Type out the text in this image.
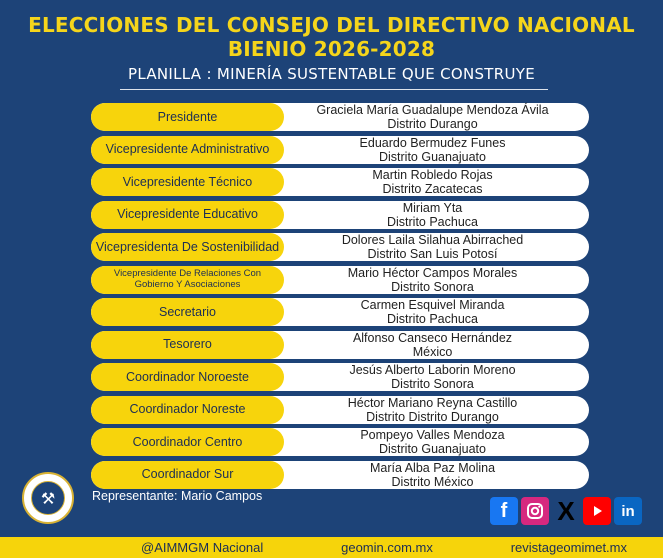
ELECCIONES DEL CONSEJO DEL DIRECTIVO NACIONAL
BIENIO 2026-2028
PLANILLA : MINERÍA SUSTENTABLE QUE CONSTRUYE
Presidente	Graciela María Guadalupe Mendoza Ávila
Distrito Durango
Vicepresidente Administrativo	Eduardo Bermudez Funes
Distrito Guanajuato
Vicepresidente Técnico	Martin Robledo Rojas
Distrito Zacatecas
Vicepresidente Educativo	Miriam Yta
Distrito Pachuca
Vicepresidenta De Sostenibilidad	Dolores Laila Silahua Abirrached
Distrito San Luis Potosí
Vicepresidente De Relaciones Con Gobierno Y Asociaciones
Mario Héctor Campos Morales
Distrito Sonora
Secretario	Carmen Esquivel Miranda
Distrito Pachuca
Tesorero	Alfonso Canseco Hernández
México
Coordinador Noroeste	Jesús Alberto Laborin Moreno
Distrito Sonora
Coordinador Noreste	Héctor Mariano Reyna Castillo
Distrito Distrito Durango
Coordinador Centro	Pompeyo Valles Mendoza
Distrito Guanajuato
Coordinador Sur	María Alba Paz Molina
Distrito México
⚒	Representante: Mario Campos
f	X	in
@AIMMGM Nacional	geomin.com.mx	revistageomimet.mx
